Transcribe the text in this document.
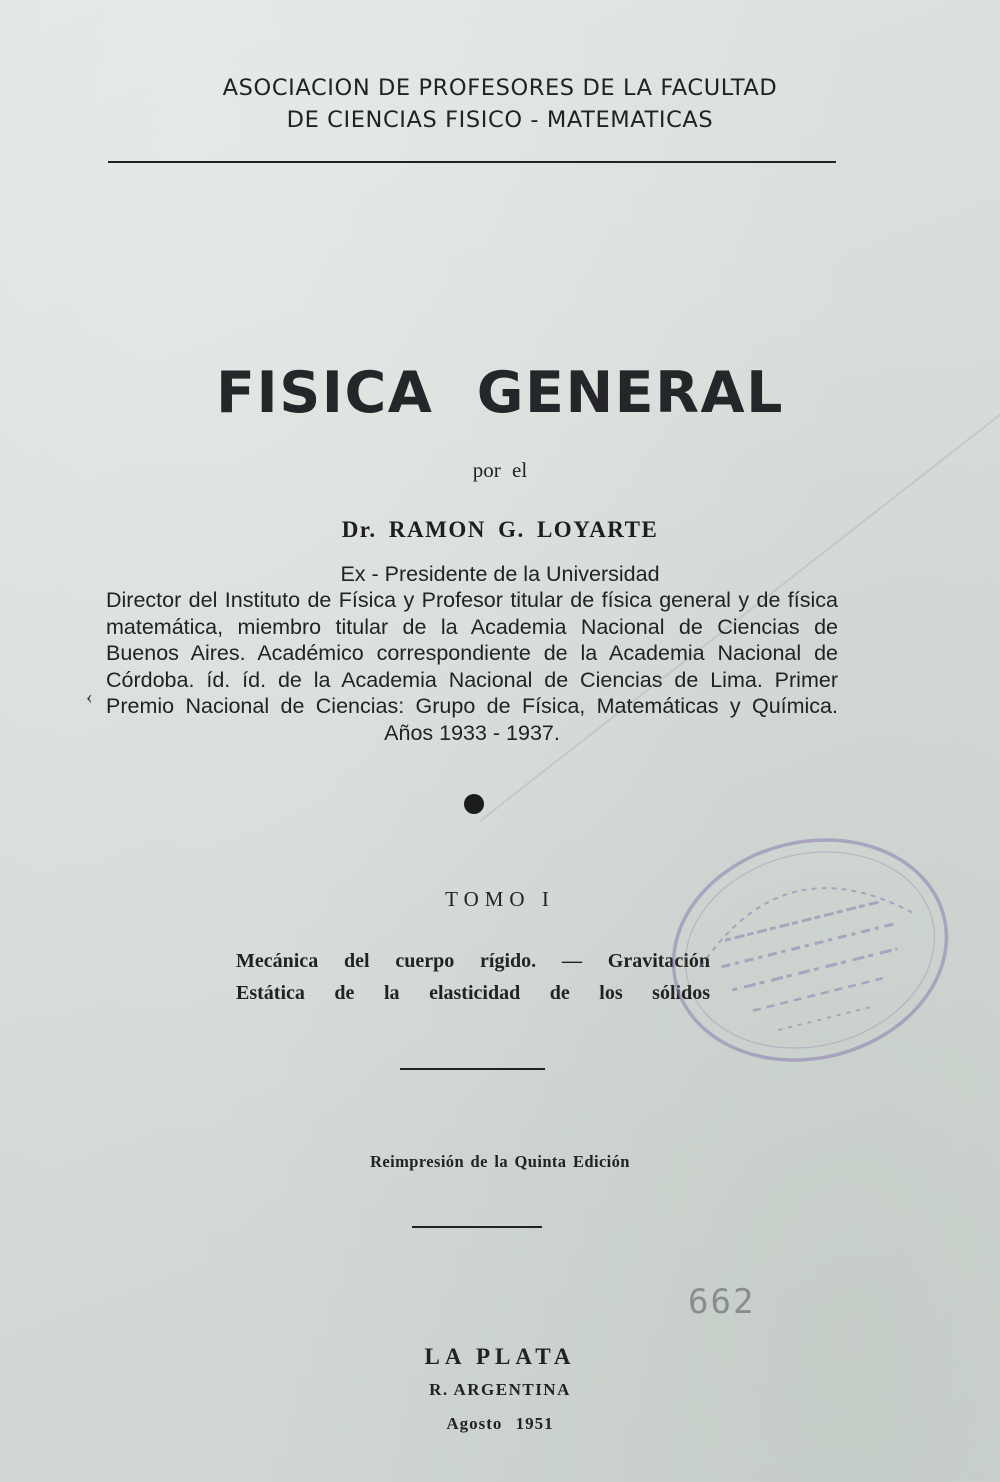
ASOCIACION DE PROFESORES DE LA FACULTAD
DE CIENCIAS FISICO - MATEMATICAS
FISICA GENERAL
por el
Dr. RAMON G. LOYARTE
Ex - Presidente de la Universidad
Director del Instituto de Física y Profesor titular de física general y de física matemática, miembro titular de la Academia Nacional de Ciencias de Buenos Aires. Académico correspondiente de la Academia Nacional de Córdoba. íd. íd. de la Academia Nacional de Ciencias de Lima. Primer Premio Nacional de Ciencias: Grupo de Física, Matemáticas y Química. Años 1933 - 1937.
‹
TOMO I
Mecánica del cuerpo rígido. — Gravitación
Estática de la elasticidad de los sólidos
Reimpresión de la Quinta Edición
662
LA PLATA
R. ARGENTINA
Agosto 1951
